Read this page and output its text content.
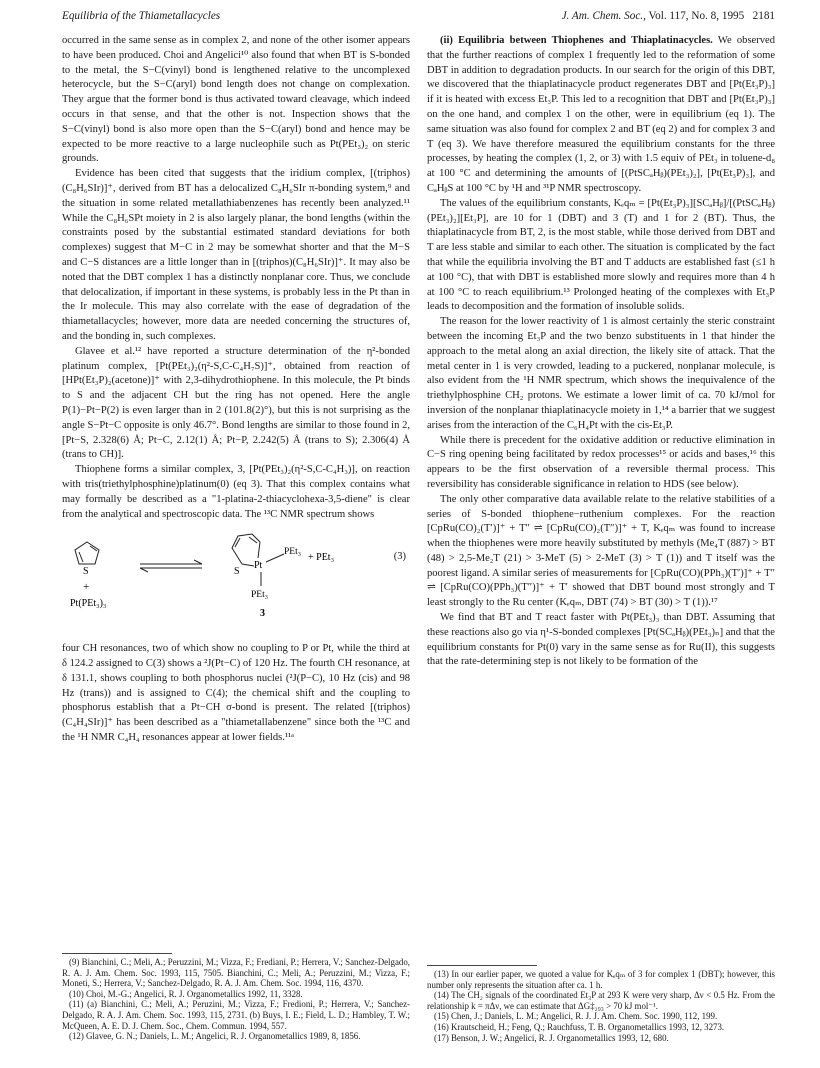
Equilibria of the Thiametallacycles	J. Am. Chem. Soc., Vol. 117, No. 8, 1995 2181

occurred in the same sense as in complex 2, and none of the other isomer appears to have been produced. Choi and Angelici¹⁰ also found that when BT is S-bonded to the metal, the S−C(vinyl) bond is lengthened relative to the uncomplexed heterocycle, but the S−C(aryl) bond length does not change on complexation. They argue that the former bond is thus activated toward cleavage, which indeed occurs in that sense, and that the other is not. Inspection shows that the S−C(vinyl) bond is also more open than the S−C(aryl) bond and hence may be expected to be more reactive to a large nucleophile such as Pt(PEt₃)₂ on steric grounds.

Evidence has been cited that suggests that the iridium complex, [(triphos)(C₈H₆SIr)]⁺, derived from BT has a delocalized C₈H₆SIr π-bonding system,⁹ and the situation in some related metallathiabenzenes has recently been analyzed.¹¹ While the C₈H₆SPt moiety in 2 is also largely planar, the bond lengths (within the constraints posed by the substantial estimated standard deviations for both complexes) suggest that M−C in 2 may be somewhat shorter and that the M−S and C−S distances are a little longer than in [(triphos)(C₈H₆SIr)]⁺. It may also be noted that the DBT complex 1 has a distinctly nonplanar core. Thus, we conclude that delocalization, if important in these systems, is probably less in the Pt than in the Ir molecule. This may also correlate with the ease of degradation of the thiametallacycles; however, more data are needed concerning the structures of, and the bonding in, such complexes.

Glavee et al.¹² have reported a structure determination of the η²-bonded platinum complex, [Pt(PEt₃)₂(η²-S,C-C₄H₇S)]⁺, obtained from reaction of [HPt(Et₃P)₂(acetone)]⁺ with 2,3-dihydrothiophene. In this molecule, the Pt binds to S and the adjacent CH but the ring has not opened. Here the angle P(1)−Pt−P(2) is even larger than in 2 (101.8(2)°), but this is not surprising as the angle S−Pt−C opposite is only 46.7°. Bond lengths are similar to those found in 2, [Pt−S, 2.328(6) Å; Pt−C, 2.12(1) Å; Pt−P, 2.242(5) Å (trans to S); 2.306(4) Å (trans to CH)].

Thiophene forms a similar complex, 3, [Pt(PEt₃)₂(η²-S,C-C₄H₃)], on reaction with tris(triethylphosphine)platinum(0) (eq 3). That this complex contains what may formally be described as a "1-platina-2-thiacyclohexa-3,5-diene" is clear from the analytical and spectroscopic data. The ¹³C NMR spectrum shows

S
+
Pt(PEt₃)₃
Pt
S
PEt₃
PEt₃
+ PEt₃
3
(3)

four CH resonances, two of which show no coupling to P or Pt, while the third at δ 124.2 assigned to C(3) shows a ²J(Pt−C) of 120 Hz. The fourth CH resonance, at δ 131.1, shows coupling to both phosphorus nuclei (²J(P−C), 10 Hz (cis) and 98 Hz (trans)) and is assigned to C(4); the chemical shift and the coupling to phosphorus establish that a Pt−CH σ-bond is present. The related [(triphos)(C₄H₄SIr)]⁺ has been described as a "thiametallabenzene" since both the ¹³C and the ¹H NMR C₄H₄ resonances appear at lower fields.¹¹ᵃ

(9) Bianchini, C.; Meli, A.; Peruzzini, M.; Vizza, F.; Frediani, P.; Herrera, V.; Sanchez-Delgado, R. A. J. Am. Chem. Soc. 1993, 115, 7505. Bianchini, C.; Meli, A.; Peruzzini, M.; Vizza, F.; Moneti, S.; Herrera, V.; Sanchez-Delgado, R. A. J. Am. Chem. Soc. 1994, 116, 4370.

(10) Choi, M.-G.; Angelici, R. J. Organometallics 1992, 11, 3328.

(11) (a) Bianchini, C.; Meli, A.; Peruzini, M.; Vizza, F.; Fredioni, P.; Herrera, V.; Sanchez-Delgado, R. A. J. Am. Chem. Soc. 1993, 115, 2731. (b) Buys, I. E.; Field, L. D.; Hambley, T. W.; McQueen, A. E. D. J. Chem. Soc., Chem. Commun. 1994, 557.

(12) Glavee, G. N.; Daniels, L. M.; Angelici, R. J. Organometallics 1989, 8, 1856.

(ii) Equilibria between Thiophenes and Thiaplatinacycles. We observed that the further reactions of complex 1 frequently led to the reformation of some DBT in addition to degradation products. In our search for the origin of this DBT, we discovered that the thiaplatinacycle product regenerates DBT and [Pt(Et₃P)₃] if it is heated with excess Et₃P. This led to a recognition that DBT and [Pt(Et₃P)₃] on the one hand, and complex 1 on the other, were in equilibrium (eq 1). The same situation was also found for complex 2 and BT (eq 2) and for complex 3 and T (eq 3). We have therefore measured the equilibrium constants for the three processes, by heating the complex (1, 2, or 3) with 1.5 equiv of PEt₃ in toluene-d₈ at 100 °C and determining the amounts of [(PtSCₐHᵦ)(PEt₃)₂], [Pt(Et₃P)₃], and CₐHᵦS at 100 °C by ¹H and ³¹P NMR spectroscopy.

The values of the equilibrium constants, Kₑqₘ = [Pt(Et₃P)₃][SCₐHᵦ]/[(PtSCₐHᵦ)(PEt₃)₂][Et₃P], are 10 for 1 (DBT) and 3 (T) and 1 for 2 (BT). Thus, the thiaplatinacycle from BT, 2, is the most stable, while those derived from DBT and T are less stable and similar to each other. The situation is complicated by the fact that while the equilibria involving the BT and T adducts are established fast (≤1 h at 100 °C), that with DBT is established more slowly and requires more than 4 h at 100 °C to reach equilibrium.¹³ Prolonged heating of the complexes with Et₃P leads to decomposition and the formation of insoluble solids.

The reason for the lower reactivity of 1 is almost certainly the steric constraint between the incoming Et₃P and the two benzo substituents in 1 that hinder the approach to the metal along an axial direction, the likely site of attack. That the metal center in 1 is very crowded, leading to a puckered, nonplanar molecule, is also evident from the ¹H NMR spectrum, which shows the inequivalence of the triethylphosphine CH₂ protons. We estimate a lower limit of ca. 70 kJ/mol for inversion of the nonplanar thiaplatinacycle moiety in 1,¹⁴ a barrier that we suggest arises from the interaction of the C₆H₄Pt with the cis-Et₃P.

While there is precedent for the oxidative addition or reductive elimination in C−S ring opening being facilitated by redox processes¹⁵ or acids and bases,¹⁶ this appears to be the first observation of a reversible thermal process. This reversibility has considerable significance in relation to HDS (see below).

The only other comparative data available relate to the relative stabilities of a series of S-bonded thiophene−ruthenium complexes. For the reaction [CpRu(CO)₂(T′)]⁺ + T″ ⇌ [CpRu(CO)₂(T″)]⁺ + T, Kₑqₘ was found to increase when the thiophenes were more heavily substituted by methyls (Me₄T (887) > BT (48) > 2,5-Me₂T (21) > 3-MeT (5) > 2-MeT (3) > T (1)) and T itself was the poorest ligand. A similar series of measurements for [CpRu(CO)(PPh₃)(T′)]⁺ + T″ ⇌ [CpRu(CO)(PPh₃)(T″)]⁺ + T′ showed that DBT bound most strongly and T least strongly to the Ru center (Kₑqₘ, DBT (74) > BT (30) > T (1)).¹⁷

We find that BT and T react faster with Pt(PEt₃)₃ than DBT. Assuming that these reactions also go via η¹-S-bonded complexes [Pt(SCₐHᵦ)(PEt₃)ₙ] and that the equilibrium constants for Pt(0) vary in the same sense as for Ru(II), this suggests that the rate-determining step is not likely to be formation of the

(13) In our earlier paper, we quoted a value for Kₑqₘ of 3 for complex 1 (DBT); however, this number only represents the situation after ca. 1 h.

(14) The CH₂ signals of the coordinated Et₃P at 293 K were very sharp, Δν < 0.5 Hz. From the relationship k = πΔν, we can estimate that ΔG‡₂₉₃ > 70 kJ mol⁻¹.

(15) Chen, J.; Daniels, L. M.; Angelici, R. J. J. Am. Chem. Soc. 1990, 112, 199.

(16) Krautscheid, H.; Feng, Q.; Rauchfuss, T. B. Organometallics 1993, 12, 3273.

(17) Benson, J. W.; Angelici, R. J. Organometallics 1993, 12, 680.
